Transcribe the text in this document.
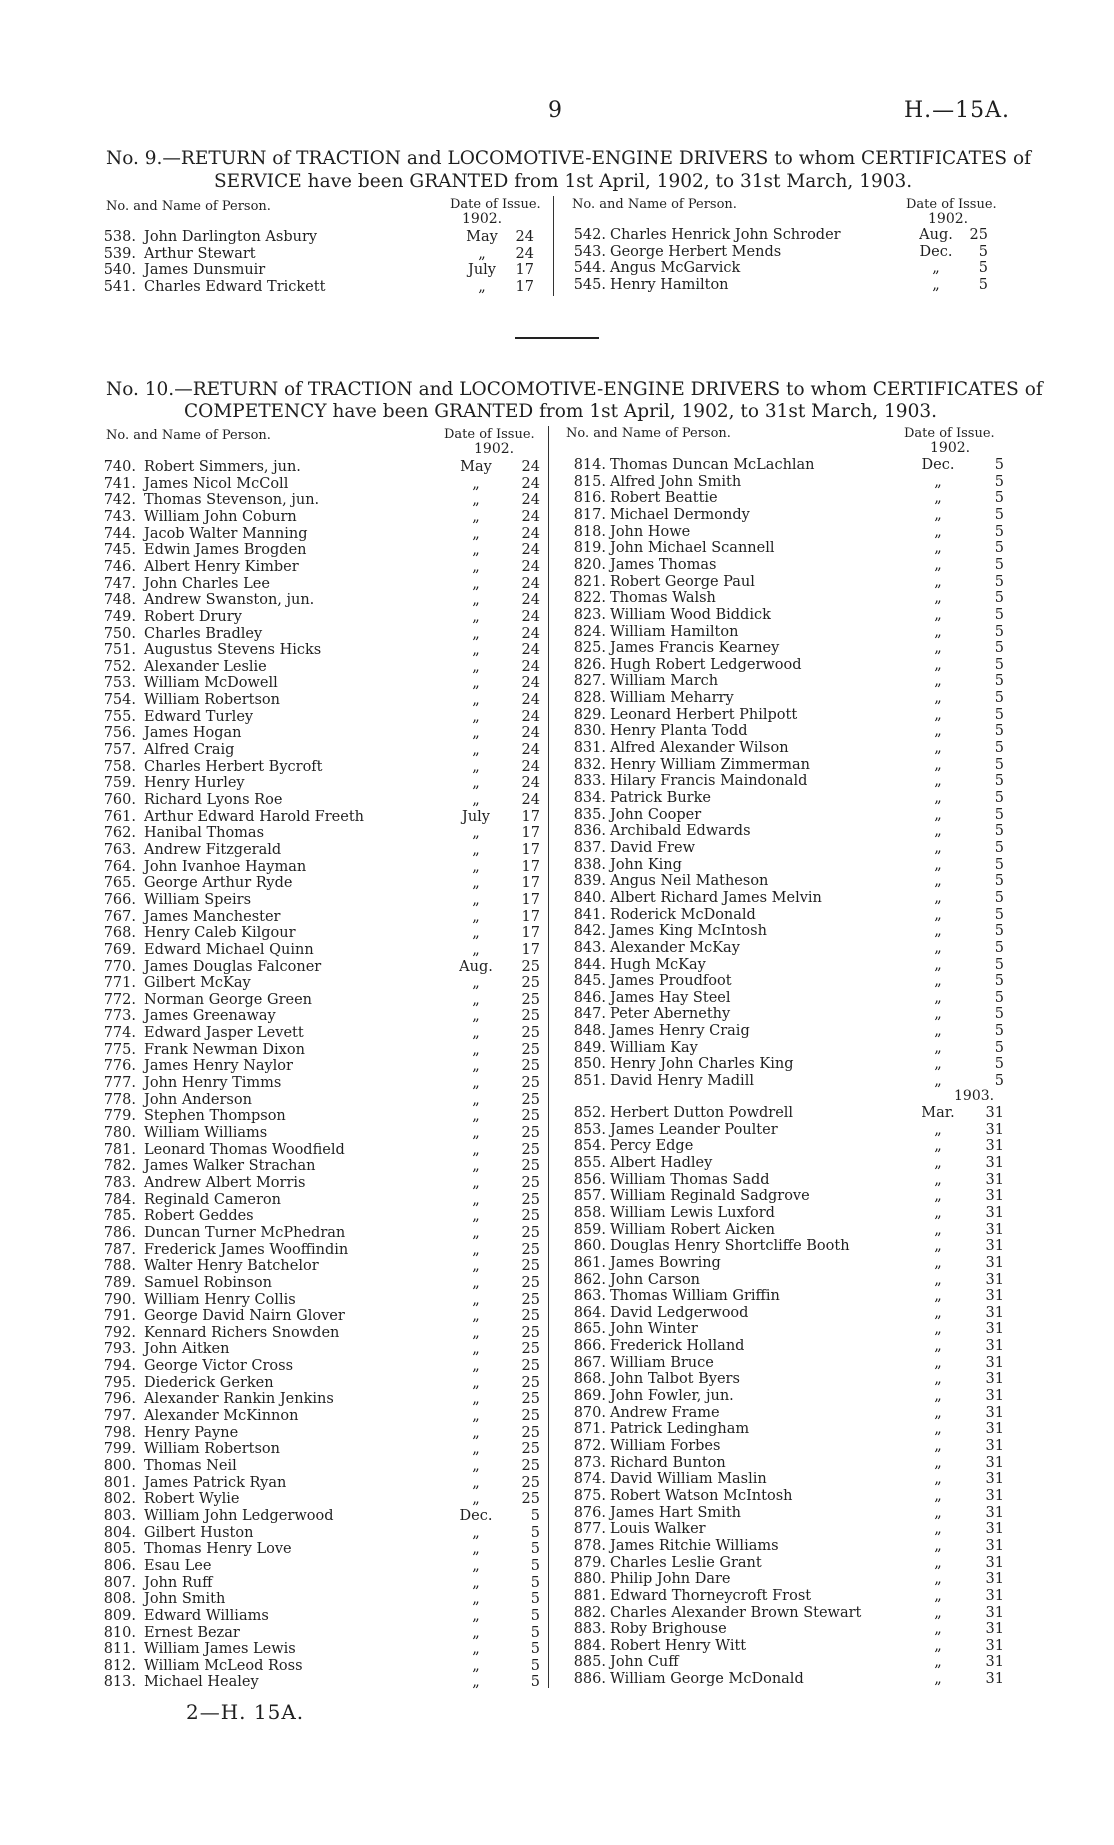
9	H.—15A.
No. 9.—RETURN of TRACTION and LOCOMOTIVE-ENGINE DRIVERS to whom CERTIFICATES of
SERVICE have been GRANTED from 1st April, 1902, to 31st March, 1903.
No. and Name of Person.	Date of Issue.
1902.
No. and Name of Person.	Date of Issue.
1902.
538. John Darlington Asbury	May	24
539. Arthur Stewart	„	24
540. James Dunsmuir	July	17
541. Charles Edward Trickett	„	17
542. Charles Henrick John Schroder	Aug.	25
543. George Herbert Mends	Dec.	5
544. Angus McGarvick	„	5
545. Henry Hamilton	„	5
No. 10.—RETURN of TRACTION and LOCOMOTIVE-ENGINE DRIVERS to whom CERTIFICATES of
COMPETENCY have been GRANTED from 1st April, 1902, to 31st March, 1903.
No. and Name of Person.	Date of Issue.
1902.
No. and Name of Person.	Date of Issue.
1902.
1903.
740. Robert Simmers, jun.	May	24
741. James Nicol McColl	„	24
742. Thomas Stevenson, jun.	„	24
743. William John Coburn	„	24
744. Jacob Walter Manning	„	24
745. Edwin James Brogden	„	24
746. Albert Henry Kimber	„	24
747. John Charles Lee	„	24
748. Andrew Swanston, jun.	„	24
749. Robert Drury	„	24
750. Charles Bradley	„	24
751. Augustus Stevens Hicks	„	24
752. Alexander Leslie	„	24
753. William McDowell	„	24
754. William Robertson	„	24
755. Edward Turley	„	24
756. James Hogan	„	24
757. Alfred Craig	„	24
758. Charles Herbert Bycroft	„	24
759. Henry Hurley	„	24
760. Richard Lyons Roe	„	24
761. Arthur Edward Harold Freeth	July	17
762. Hanibal Thomas	„	17
763. Andrew Fitzgerald	„	17
764. John Ivanhoe Hayman	„	17
765. George Arthur Ryde	„	17
766. William Speirs	„	17
767. James Manchester	„	17
768. Henry Caleb Kilgour	„	17
769. Edward Michael Quinn	„	17
770. James Douglas Falconer	Aug.	25
771. Gilbert McKay	„	25
772. Norman George Green	„	25
773. James Greenaway	„	25
774. Edward Jasper Levett	„	25
775. Frank Newman Dixon	„	25
776. James Henry Naylor	„	25
777. John Henry Timms	„	25
778. John Anderson	„	25
779. Stephen Thompson	„	25
780. William Williams	„	25
781. Leonard Thomas Woodfield	„	25
782. James Walker Strachan	„	25
783. Andrew Albert Morris	„	25
784. Reginald Cameron	„	25
785. Robert Geddes	„	25
786. Duncan Turner McPhedran	„	25
787. Frederick James Wooffindin	„	25
788. Walter Henry Batchelor	„	25
789. Samuel Robinson	„	25
790. William Henry Collis	„	25
791. George David Nairn Glover	„	25
792. Kennard Richers Snowden	„	25
793. John Aitken	„	25
794. George Victor Cross	„	25
795. Diederick Gerken	„	25
796. Alexander Rankin Jenkins	„	25
797. Alexander McKinnon	„	25
798. Henry Payne	„	25
799. William Robertson	„	25
800. Thomas Neil	„	25
801. James Patrick Ryan	„	25
802. Robert Wylie	„	25
803. William John Ledgerwood	Dec.	5
804. Gilbert Huston	„	5
805. Thomas Henry Love	„	5
806. Esau Lee	„	5
807. John Ruff	„	5
808. John Smith	„	5
809. Edward Williams	„	5
810. Ernest Bezar	„	5
811. William James Lewis	„	5
812. William McLeod Ross	„	5
813. Michael Healey	„	5
814. Thomas Duncan McLachlan	Dec.	5
815. Alfred John Smith	„	5
816. Robert Beattie	„	5
817. Michael Dermondy	„	5
818. John Howe	„	5
819. John Michael Scannell	„	5
820. James Thomas	„	5
821. Robert George Paul	„	5
822. Thomas Walsh	„	5
823. William Wood Biddick	„	5
824. William Hamilton	„	5
825. James Francis Kearney	„	5
826. Hugh Robert Ledgerwood	„	5
827. William March	„	5
828. William Meharry	„	5
829. Leonard Herbert Philpott	„	5
830. Henry Planta Todd	„	5
831. Alfred Alexander Wilson	„	5
832. Henry William Zimmerman	„	5
833. Hilary Francis Maindonald	„	5
834. Patrick Burke	„	5
835. John Cooper	„	5
836. Archibald Edwards	„	5
837. David Frew	„	5
838. John King	„	5
839. Angus Neil Matheson	„	5
840. Albert Richard James Melvin	„	5
841. Roderick McDonald	„	5
842. James King McIntosh	„	5
843. Alexander McKay	„	5
844. Hugh McKay	„	5
845. James Proudfoot	„	5
846. James Hay Steel	„	5
847. Peter Abernethy	„	5
848. James Henry Craig	„	5
849. William Kay	„	5
850. Henry John Charles King	„	5
851. David Henry Madill	„	5
852. Herbert Dutton Powdrell	Mar.	31
853. James Leander Poulter	„	31
854. Percy Edge	„	31
855. Albert Hadley	„	31
856. William Thomas Sadd	„	31
857. William Reginald Sadgrove	„	31
858. William Lewis Luxford	„	31
859. William Robert Aicken	„	31
860. Douglas Henry Shortcliffe Booth	„	31
861. James Bowring	„	31
862. John Carson	„	31
863. Thomas William Griffin	„	31
864. David Ledgerwood	„	31
865. John Winter	„	31
866. Frederick Holland	„	31
867. William Bruce	„	31
868. John Talbot Byers	„	31
869. John Fowler, jun.	„	31
870. Andrew Frame	„	31
871. Patrick Ledingham	„	31
872. William Forbes	„	31
873. Richard Bunton	„	31
874. David William Maslin	„	31
875. Robert Watson McIntosh	„	31
876. James Hart Smith	„	31
877. Louis Walker	„	31
878. James Ritchie Williams	„	31
879. Charles Leslie Grant	„	31
880. Philip John Dare	„	31
881. Edward Thorneycroft Frost	„	31
882. Charles Alexander Brown Stewart	„	31
883. Roby Brighouse	„	31
884. Robert Henry Witt	„	31
885. John Cuff	„	31
886. William George McDonald	„	31
2—H. 15A.
